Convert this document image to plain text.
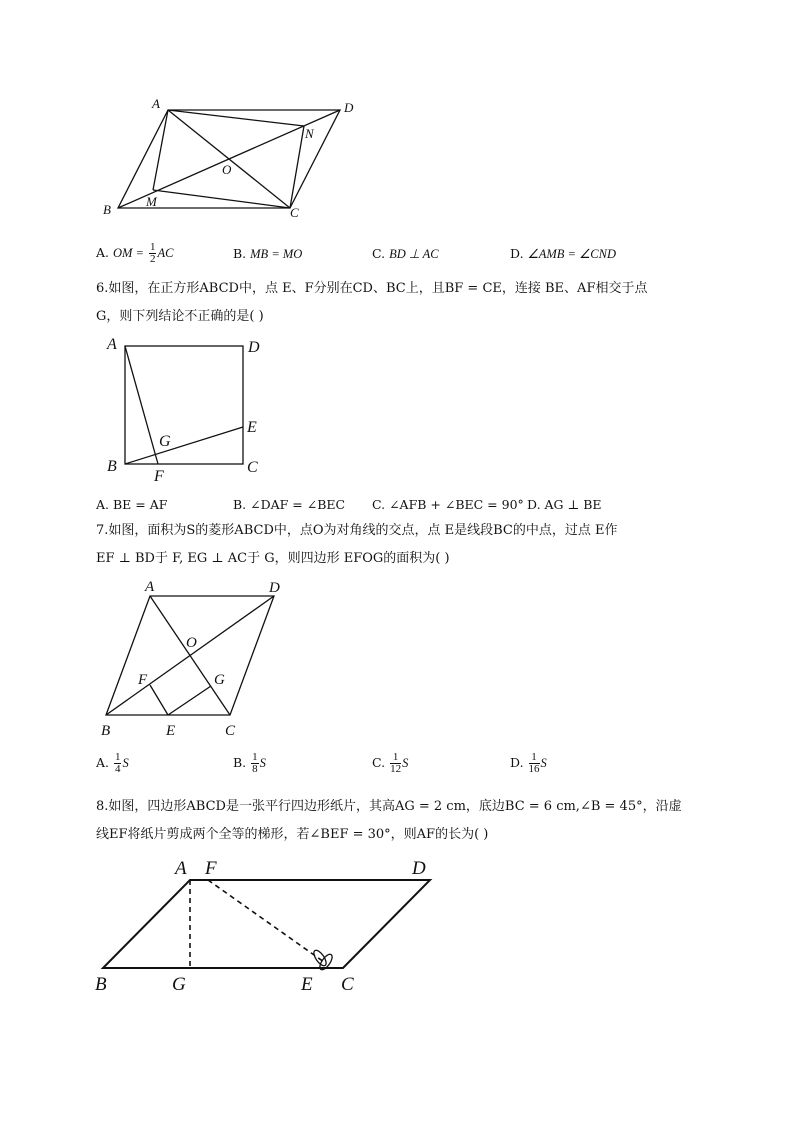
A	D
N
O
M
B	C
A. OM = $\frac{1}{2}$ AC	B. MB = MO	C. BD ⊥ AC	D. ∠AMB = ∠CND
6.如图，在正方形ABCD中，点 E、F分别在CD、BC上，且BF = CE，连接 BE、AF相交于点
G，则下列结论不正确的是( )
A	D
E
G
B
F
C
A. BE = AF	B. ∠DAF = ∠BEC C. ∠AFB + ∠BEC = 90° D. AG ⊥ BE
7.如图，面积为S的菱形ABCD中，点O为对角线的交点，点 E是线段BC的中点，过点 E作
EF ⊥ BD于 F, EG ⊥ AC于 G，则四边形 EFOG的面积为( )
A	D
O
F	G
B	E	C
A. $\frac{1}{4}$ S	B. $\frac{1}{8}$ S	C. $\frac{1}{12}$ S	D. $\frac{1}{16}$ S
8.如图，四边形ABCD是一张平行四边形纸片，其高AG = 2 cm，底边BC = 6 cm,∠B = 45°，沿虚
线EF将纸片剪成两个全等的梯形，若∠BEF = 30°，则AF的长为( )
A F	D
B	G	E C
